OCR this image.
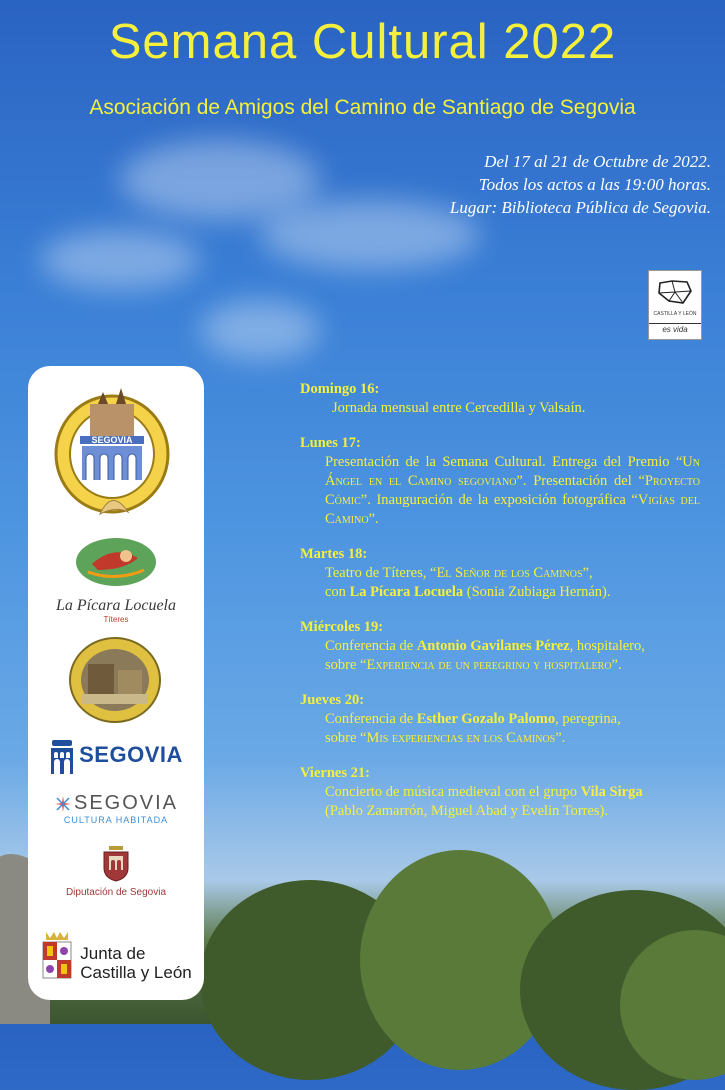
Semana Cultural 2022
Asociación de Amigos del Camino de Santiago de Segovia
Del 17 al 21 de Octubre de 2022.
Todos los actos a las 19:00 horas.
Lugar: Biblioteca Pública de Segovia.
CASTILLA Y LEÓN
es vida
SEGOVIA
La Pícara Locuela
Títeres
SEGOVIA
SEGOVIA
CULTURA HABITADA
Diputación de Segovia
Junta de
Castilla y León
Domingo 16:
Jornada mensual entre Cercedilla y Valsaín.
Lunes 17:
Presentación de la Semana Cultural. Entrega del Premio “Un Ángel en el Camino segoviano”. Presentación del “Proyecto Cómic”. Inauguración de la exposición fotográfica “Vigías del Camino”.
Martes 18:
Teatro de Títeres, “El Señor de los Caminos”,
con La Pícara Locuela (Sonia Zubiaga Hernán).
Miércoles 19:
Conferencia de Antonio Gavilanes Pérez, hospitalero,
sobre “Experiencia de un peregrino y hospitalero”.
Jueves 20:
Conferencia de Esther Gozalo Palomo, peregrina,
sobre “Mis experiencias en los Caminos”.
Viernes 21:
Concierto de música medieval con el grupo Vila Sirga
(Pablo Zamarrón, Miguel Abad y Evelin Torres).
